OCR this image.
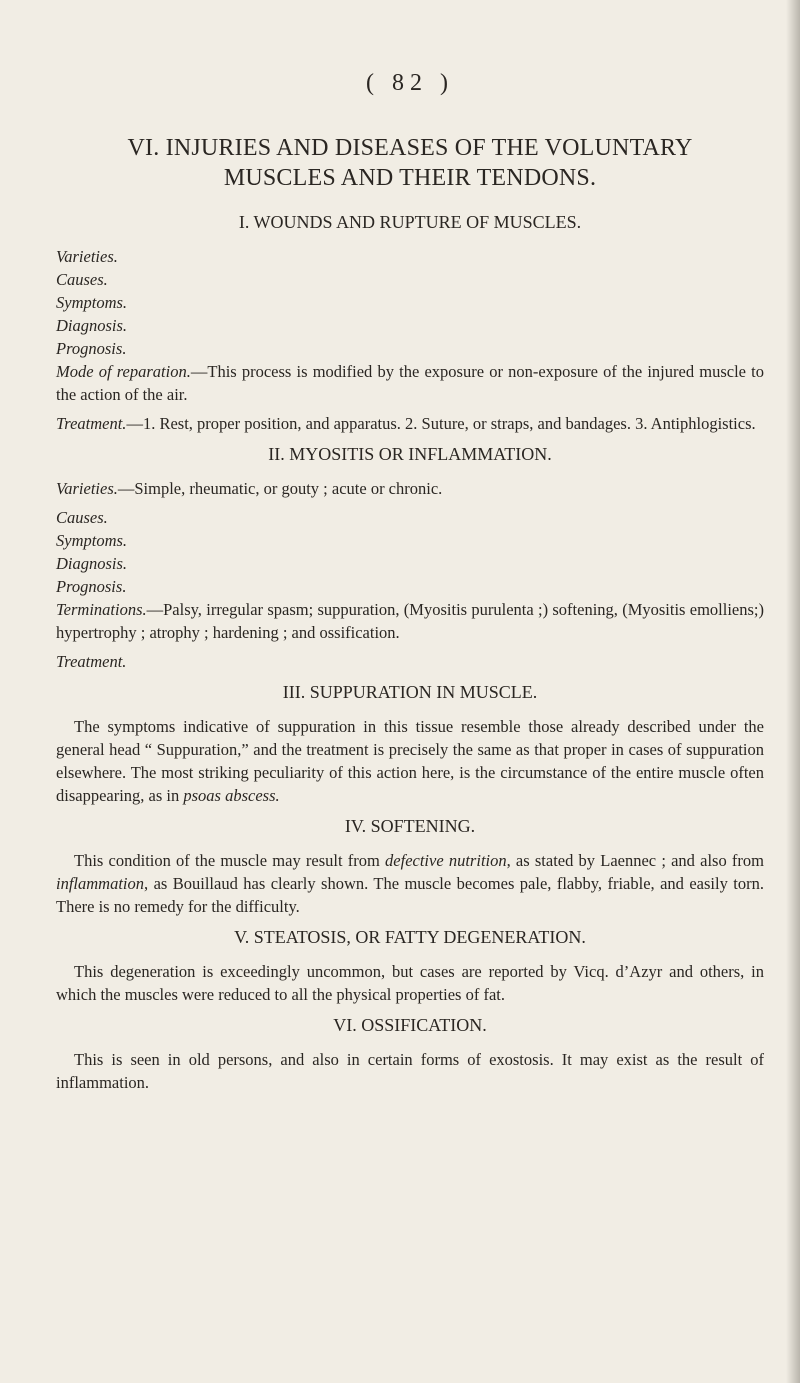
( 82 )
VI. INJURIES AND DISEASES OF THE VOLUNTARY
MUSCLES AND THEIR TENDONS.
I. WOUNDS AND RUPTURE OF MUSCLES.

Varieties.

Causes.

Symptoms.

Diagnosis.

Prognosis.

Mode of reparation.—This process is modified by the exposure or non-exposure of the injured muscle to the action of the air.

Treatment.—1. Rest, proper position, and apparatus. 2. Suture, or straps, and bandages. 3. Antiphlogistics.

II. MYOSITIS OR INFLAMMATION.

Varieties.—Simple, rheumatic, or gouty ; acute or chronic.

Causes.

Symptoms.

Diagnosis.

Prognosis.

Terminations.—Palsy, irregular spasm; suppuration, (Myositis purulenta ;) softening, (Myositis emolliens;) hypertrophy ; atrophy ; hardening ; and ossification.

Treatment.

III. SUPPURATION IN MUSCLE.

The symptoms indicative of suppuration in this tissue resemble those already described under the general head “ Suppuration,” and the treatment is precisely the same as that proper in cases of suppuration elsewhere. The most striking peculiarity of this action here, is the circumstance of the entire muscle often disappearing, as in psoas abscess.

IV. SOFTENING.

This condition of the muscle may result from defective nutrition, as stated by Laennec ; and also from inflammation, as Bouillaud has clearly shown. The muscle becomes pale, flabby, friable, and easily torn. There is no remedy for the difficulty.

V. STEATOSIS, OR FATTY DEGENERATION.

This degeneration is exceedingly uncommon, but cases are reported by Vicq. d’Azyr and others, in which the muscles were reduced to all the physical properties of fat.

VI. OSSIFICATION.

This is seen in old persons, and also in certain forms of exostosis. It may exist as the result of inflammation.
